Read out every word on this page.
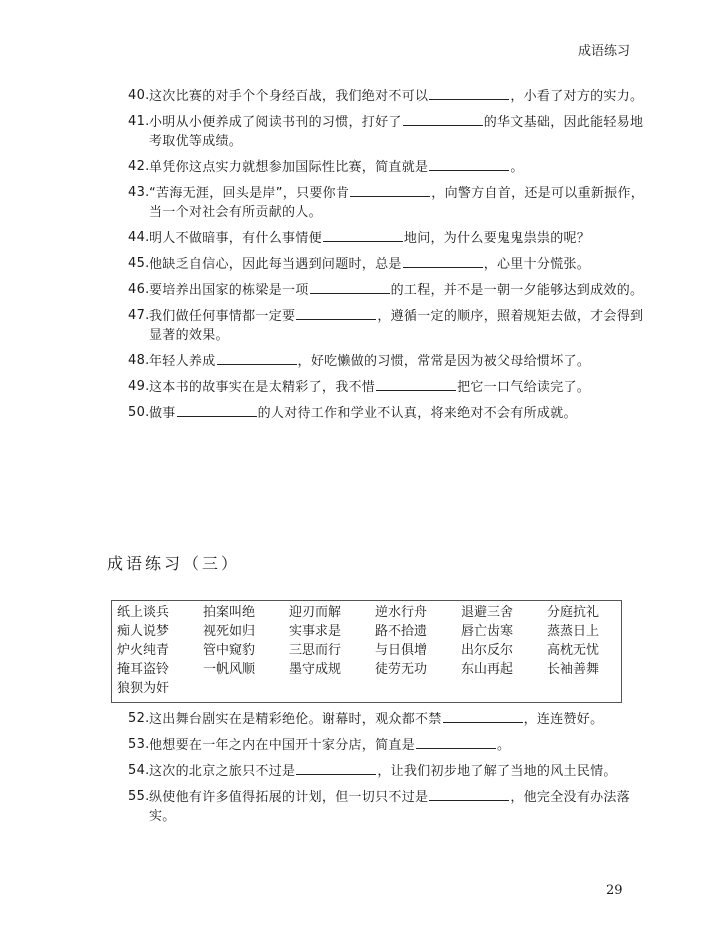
成语练习
40. 这次比赛的对手个个身经百战，我们绝对不可以	，小看了对方的实力。
41. 小明从小便养成了阅读书刊的习惯，打好了	的华文基础，因此能轻易地考取优等成绩。
42. 单凭你这点实力就想参加国际性比赛，简直就是	。
43. “苦海无涯，回头是岸”，只要你肯	，向警方自首，还是可以重新振作，当一个对社会有所贡献的人。
44. 明人不做暗事，有什么事情便	地问，为什么要鬼鬼祟祟的呢？
45. 他缺乏自信心，因此每当遇到问题时，总是	，心里十分慌张。
46. 要培养出国家的栋梁是一项	的工程，并不是一朝一夕能够达到成效的。
47. 我们做任何事情都一定要	，遵循一定的顺序，照着规矩去做，才会得到显著的效果。
48. 年轻人养成	，好吃懒做的习惯，常常是因为被父母给惯坏了。
49. 这本书的故事实在是太精彩了，我不惜	把它一口气给读完了。
50. 做事	的人对待工作和学业不认真，将来绝对不会有所成就。
成语练习（三）
纸上谈兵	拍案叫绝	迎刃而解	逆水行舟	退避三舍	分庭抗礼
痴人说梦	视死如归	实事求是	路不拾遗	唇亡齿寒	蒸蒸日上
炉火纯青	管中窥豹	三思而行	与日俱增	出尔反尔	高枕无忧
掩耳盗铃	一帆风顺	墨守成规	徒劳无功	东山再起	长袖善舞
狼狈为奸
52. 这出舞台剧实在是精彩绝伦。谢幕时，观众都不禁	，连连赞好。
53. 他想要在一年之内在中国开十家分店，简直是	。
54. 这次的北京之旅只不过是	，让我们初步地了解了当地的风土民情。
55. 纵使他有许多值得拓展的计划，但一切只不过是	，他完全没有办法落实。
29
